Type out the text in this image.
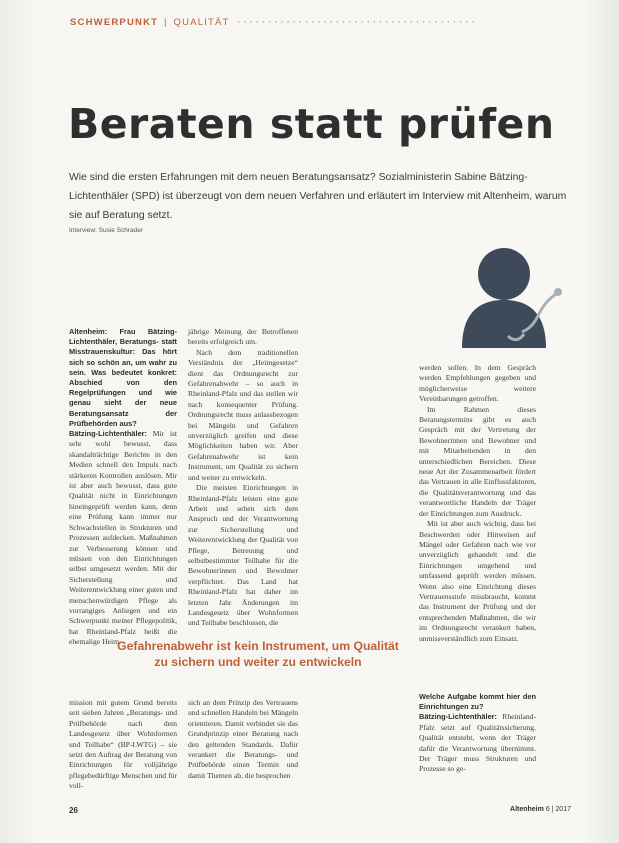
SCHWERPUNKT | QUALITÄT ·······································
Beraten statt prüfen
Wie sind die ersten Erfahrungen mit dem neuen Beratungsansatz? Sozialministerin Sabine Bätzing-Lichtenthäler (SPD) ist überzeugt von dem neuen Verfahren und erläutert im Interview mit Altenheim, warum sie auf Beratung setzt.
Interview: Susie Schrader

Altenheim: Frau Bätzing-Lichtenthäler, Beratungs- statt Misstrauenskultur: Das hört sich so schön an, um wahr zu sein. Was bedeutet konkret: Abschied von den Regelprüfungen und wie genau sieht der neue Beratungsansatz der Prüfbehörden aus?

Bätzing-Lichtenthäler: Mir ist sehr wohl bewusst, dass skandalträchtige Berichte in den Medien schnell den Impuls nach stärkeren Kontrollen auslösen. Mir ist aber auch bewusst, dass gute Qualität nicht in Einrichtungen hineingeprüft werden kann, denn eine Prüfung kann immer nur Schwachstellen in Strukturen und Prozessen aufdecken. Maßnahmen zur Verbesserung können und müssen von den Einrichtungen selbst umgesetzt werden. Mit der Sicherstellung und Weiterentwicklung einer guten und menschenwürdigen Pflege als vorrangiges Anliegen und ein Schwerpunkt meiner Pflegepolitik, hat Rheinland-Pfalz heißt die ehemalige Heim-

jährige Meinung der Betroffenen bereits erfolgreich um.

Nach dem traditionellen Verständnis der „Heimgesetze“ dient das Ordnungsrecht zur Gefahrenabwehr – so auch in Rheinland-Pfalz und das stellen wir nach konsequenter Prüfung. Ordnungsrecht muss anlassbezogen bei Mängeln und Gefahren unverzüglich greifen und diese Möglichkeiten haben wir. Aber Gefahrenabwehr ist kein Instrument, um Qualität zu sichern und weiter zu entwickeln.

Die meisten Einrichtungen in Rheinland-Pfalz leisten eine gute Arbeit und sehen sich dem Anspruch und der Verantwortung zur Sicherstellung und Weiterentwicklung der Qualität von Pflege, Betreuung und selbstbestimmter Teilhabe für die Bewohnerinnen und Bewohner verpflichtet. Das Land hat Rheinland-Pfalz hat daher im letzten Jahr Änderungen im Landesgesetz über Wohnformen und Teilhabe beschlossen, die

werden sollen. In dem Gespräch werden Empfehlungen gegeben und möglicherweise weitere Vereinbarungen getroffen.

Im Rahmen dieses Beratungstermins gibt es auch Gespräch mit der Vertretung der Bewohnerinnen und Bewohner und mit Mitarbeitenden in den unterschiedlichen Bereichen. Diese neue Art der Zusammenarbeit fördert das Vertrauen in alle Einflussfaktoren, die Qualitätsverantwortung und das verantwortliche Handeln der Träger der Einrichtungen zum Ausdruck.

Mit ist aber auch wichtig, dass bei Beschwerden oder Hinweisen auf Mängel oder Gefahren nach wie vor unverzüglich gehandelt und die Einrichtungen umgehend und umfassend geprüft werden müssen. Wenn also eine Einrichtung dieses Vertrauensstufe missbraucht, kommt das Instrument der Prüfung und der entsprechenden Maßnahmen, die wir im Ordnungsrecht verankert haben, unmissverständlich zum Einsatz.

Gefahrenabwehr ist kein Instrument, um Qualität zu sichern und weiter zu entwickeln
mission mit gutem Grund bereits seit sieben Jahren „Beratungs- und Prüfbehörde nach dem Landesgesetz über Wohnformen und Teilhabe“ (BP-LWTG) – sie setzt den Auftrag der Beratung von Einrichtungen für volljährige pflegebedürftige Menschen und für voll-
sich an dem Prinzip des Vertrauens und schnellen Handeln bei Mängeln orientieren. Damit verbindet sie das Grundprinzip einer Beratung nach den geltenden Standards. Dafür verankert die Beratungs- und Prüfbehörde einen Termin und damit Themen ab, die besprochen

Welche Aufgabe kommt hier den Einrichtungen zu?

Bätzing-Lichtenthäler: Rheinland-Pfalz setzt auf Qualitätssicherung. Qualität entsteht, wenn der Träger dafür die Verantwortung übernimmt. Der Träger muss Strukturen und Prozesse so ge-

26	Altenheim 6 | 2017
